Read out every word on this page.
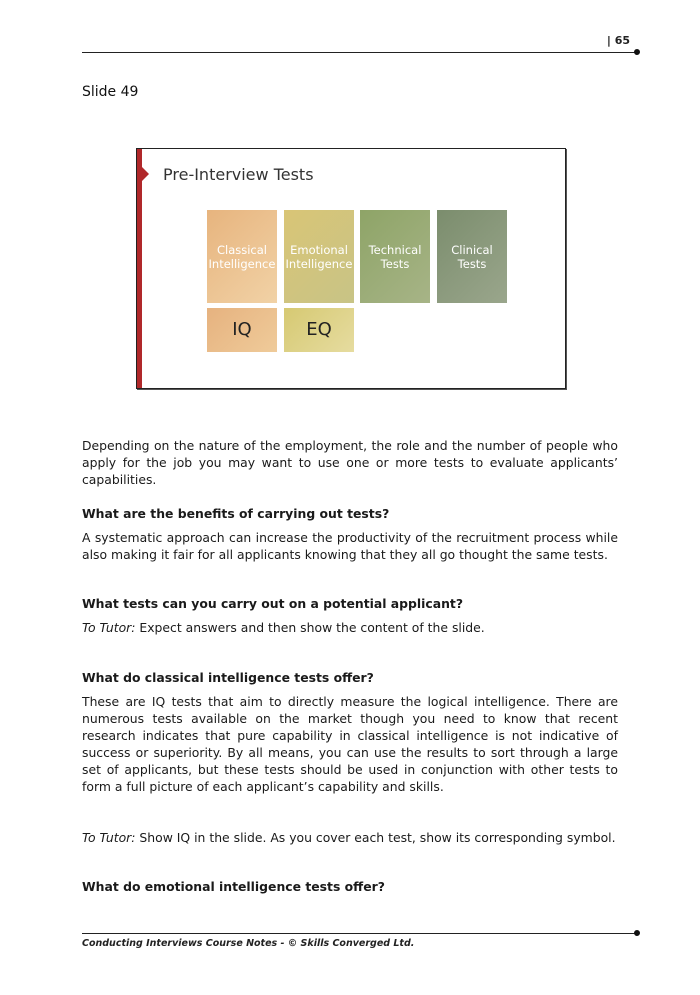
| 65
Slide 49
Pre-Interview Tests
Classical Intelligence
Emotional Intelligence
Technical Tests
Clinical Tests
IQ	EQ
Depending on the nature of the employment, the role and the number of people who apply for the job you may want to use one or more tests to evaluate applicants’ capabilities.
What are the benefits of carrying out tests?
A systematic approach can increase the productivity of the recruitment process while also making it fair for all applicants knowing that they all go thought the same tests.
What tests can you carry out on a potential applicant?
To Tutor: Expect answers and then show the content of the slide.
What do classical intelligence tests offer?
These are IQ tests that aim to directly measure the logical intelligence. There are numerous tests available on the market though you need to know that recent research indicates that pure capability in classical intelligence is not indicative of success or superiority. By all means, you can use the results to sort through a large set of applicants, but these tests should be used in conjunction with other tests to form a full picture of each applicant’s capability and skills.
To Tutor: Show IQ in the slide. As you cover each test, show its corresponding symbol.
What do emotional intelligence tests offer?
Conducting Interviews Course Notes - © Skills Converged Ltd.
